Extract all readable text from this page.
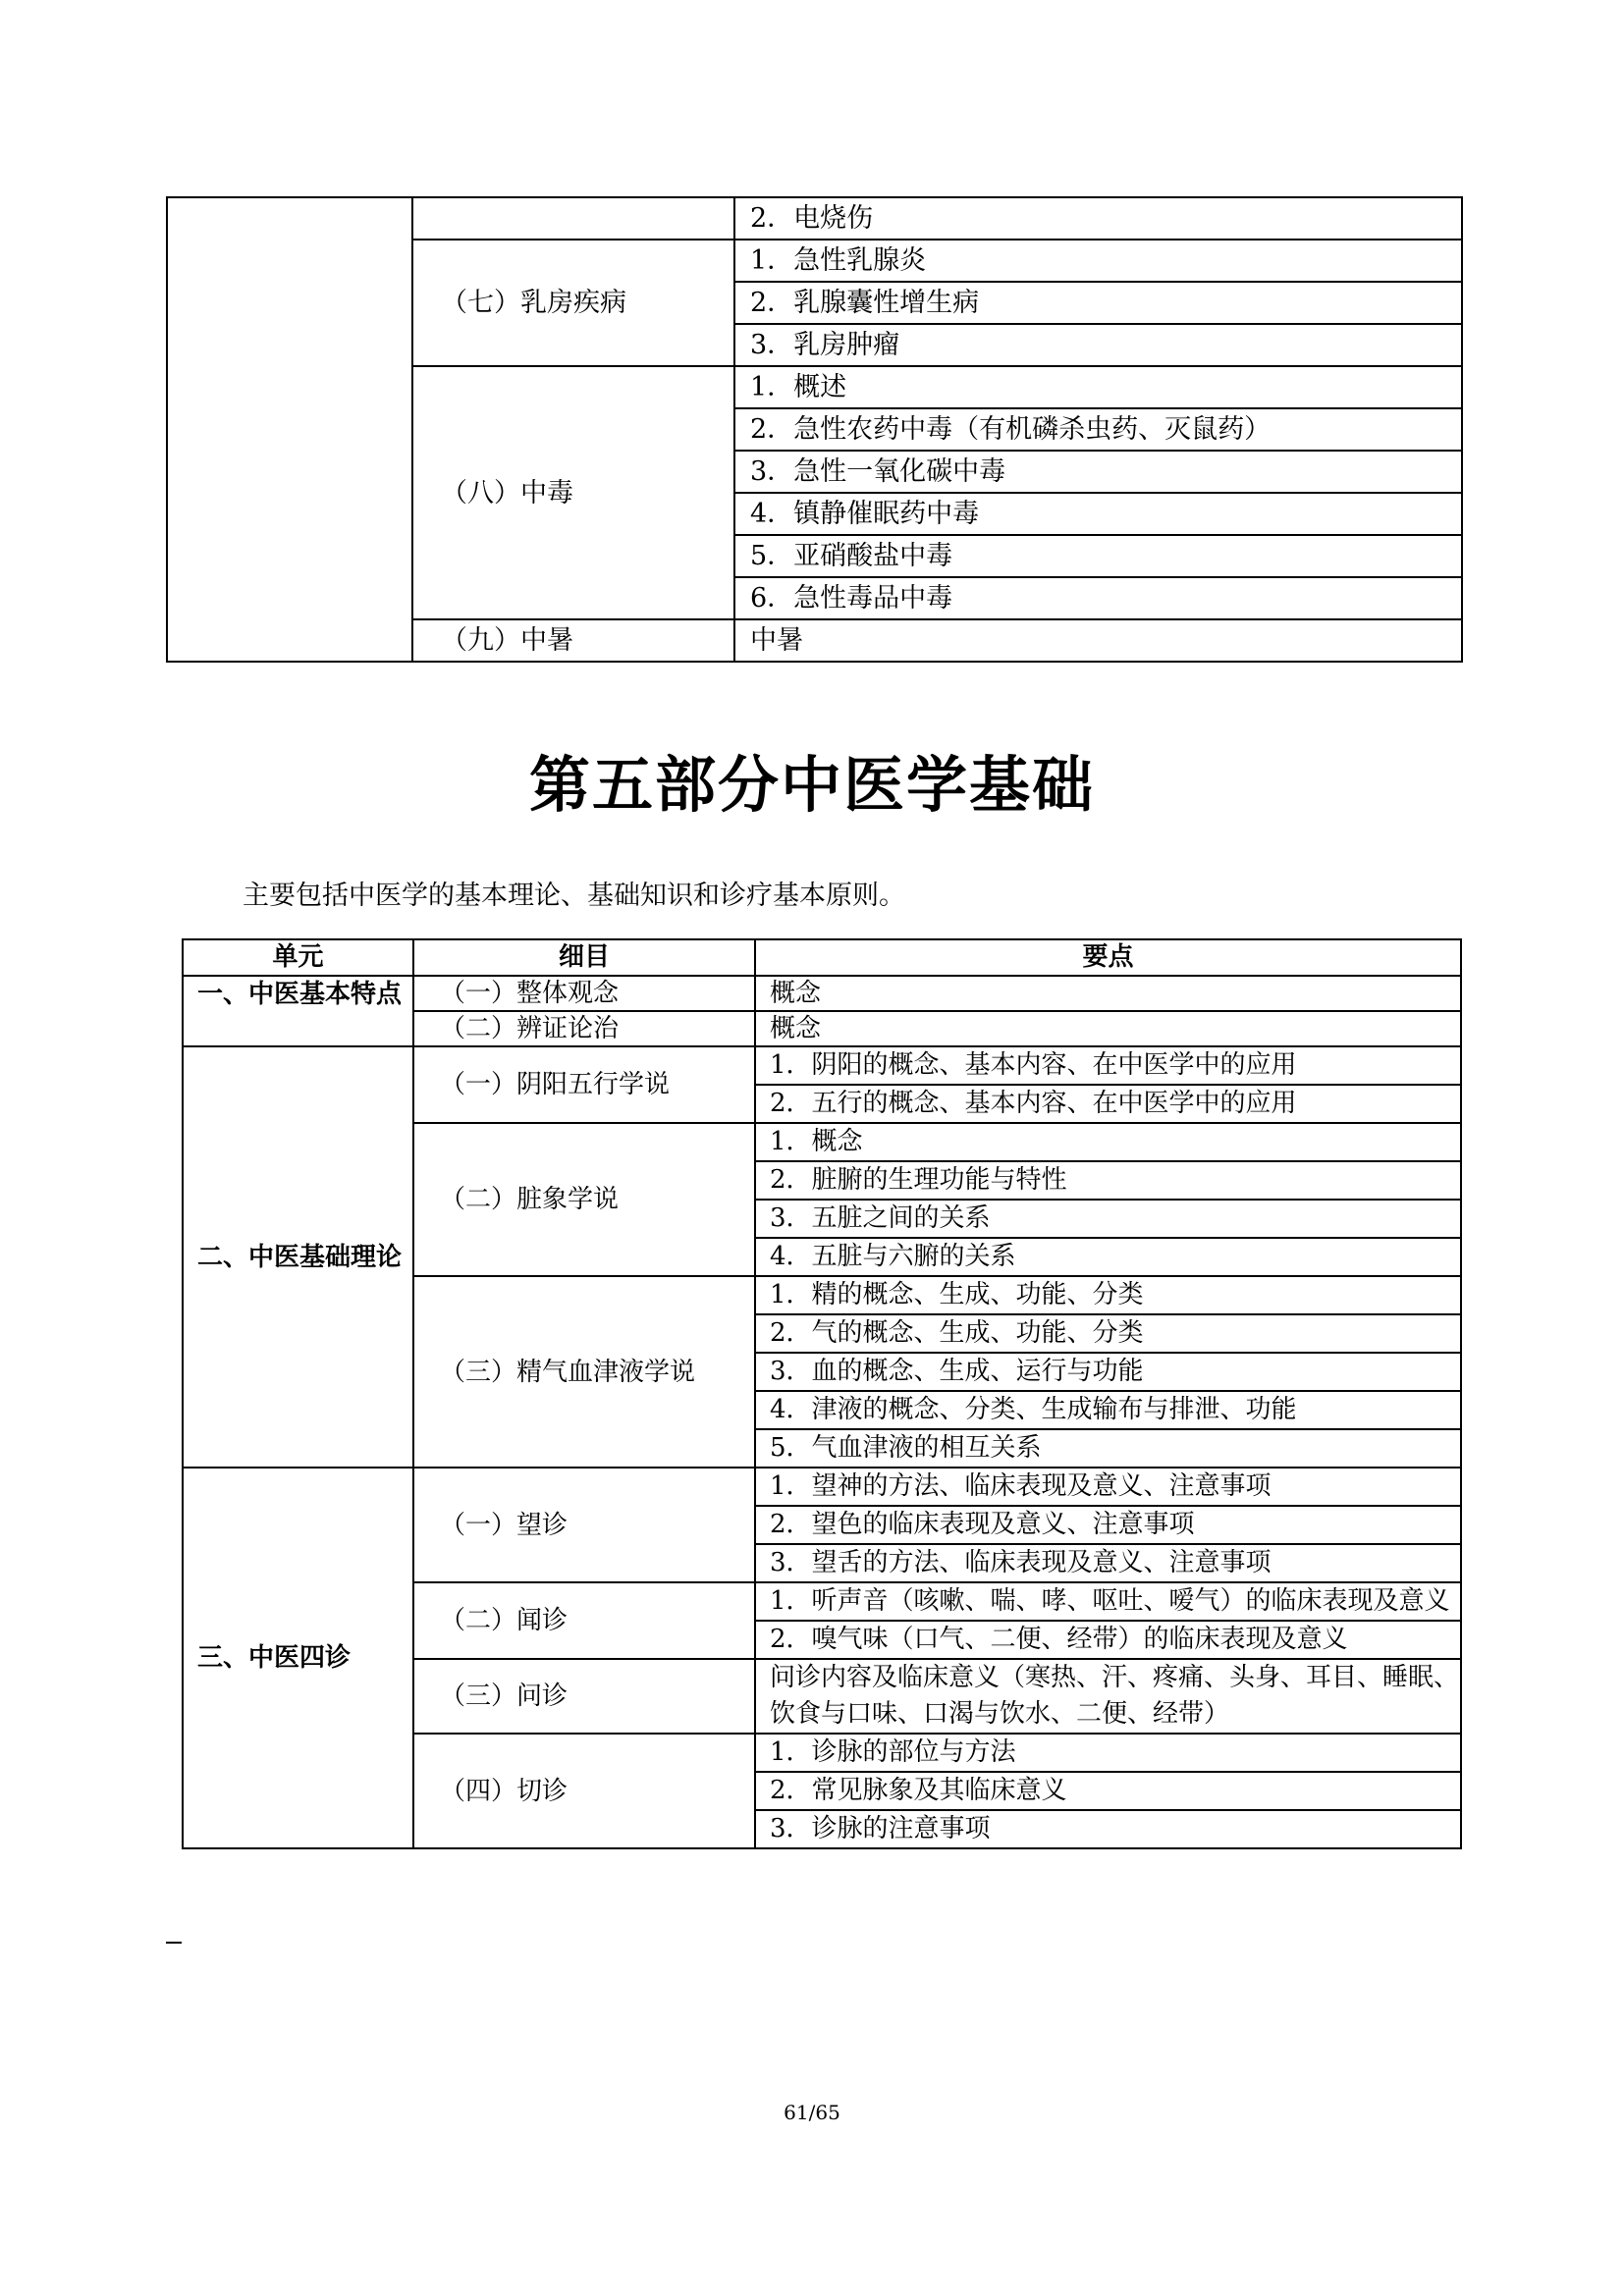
		2．电烧伤
	（七）乳房疾病	1．急性乳腺炎
		2．乳腺囊性增生病
		3．乳房肿瘤
	（八）中毒	1．概述
		2．急性农药中毒（有机磷杀虫药、灭鼠药）
		3．急性一氧化碳中毒
		4．镇静催眠药中毒
		5．亚硝酸盐中毒
		6．急性毒品中毒
	（九）中暑	中暑
第五部分中医学基础
主要包括中医学的基本理论、基础知识和诊疗基本原则。
单元	细目	要点
一、中医基本特点	（一）整体观念	概念
	（二）辨证论治	概念
二、中医基础理论	（一）阴阳五行学说	1．阴阳的概念、基本内容、在中医学中的应用
		2．五行的概念、基本内容、在中医学中的应用
	（二）脏象学说	1．概念
		2．脏腑的生理功能与特性
		3．五脏之间的关系
		4．五脏与六腑的关系
	（三）精气血津液学说	1．精的概念、生成、功能、分类
		2．气的概念、生成、功能、分类
		3．血的概念、生成、运行与功能
		4．津液的概念、分类、生成输布与排泄、功能
		5．气血津液的相互关系
三、中医四诊	（一）望诊	1．望神的方法、临床表现及意义、注意事项
		2．望色的临床表现及意义、注意事项
		3．望舌的方法、临床表现及意义、注意事项
	（二）闻诊	1．听声音（咳嗽、喘、哮、呕吐、嗳气）的临床表现及意义
		2．嗅气味（口气、二便、经带）的临床表现及意义
	（三）问诊	问诊内容及临床意义（寒热、汗、疼痛、头身、耳目、睡眠、饮食与口味、口渴与饮水、二便、经带）
	（四）切诊	1．诊脉的部位与方法
		2．常见脉象及其临床意义
		3．诊脉的注意事项
61/65
